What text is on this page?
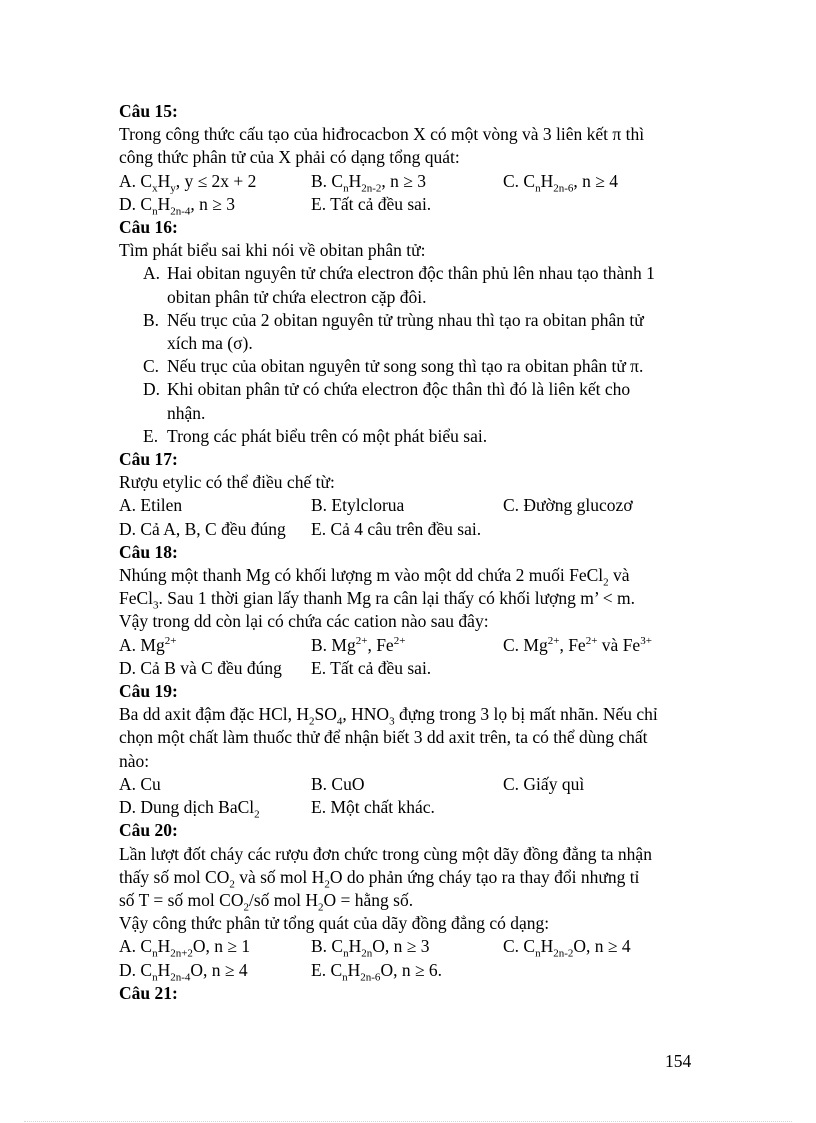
Câu 15:
Trong công thức cấu tạo của hiđrocacbon X có một vòng và 3 liên kết π thì
công thức phân tử của X phải có dạng tổng quát:
A. $C_xH_y$, y ≤ 2x + 2	B. $C_nH_{2n-2}$, n ≥ 3	C. $C_nH_{2n-6}$, n ≥ 4
D. $C_nH_{2n-4}$, n ≥ 3	E. Tất cả đều sai.
Câu 16:
Tìm phát biểu sai khi nói về obitan phân tử:
A. Hai obitan nguyên tử chứa electron độc thân phủ lên nhau tạo thành 1
obitan phân tử chứa electron cặp đôi.
B. Nếu trục của 2 obitan nguyên tử trùng nhau thì tạo ra obitan phân tử
xích ma (σ).
C. Nếu trục của obitan nguyên tử song song thì tạo ra obitan phân tử π.
D. Khi obitan phân tử có chứa electron độc thân thì đó là liên kết cho
nhận.
E. Trong các phát biểu trên có một phát biểu sai.
Câu 17:
Rượu etylic có thể điều chế từ:
A. Etilen	B. Etylclorua	C. Đường glucozơ
D. Cả A, B, C đều đúng	E. Cả 4 câu trên đều sai.
Câu 18:
Nhúng một thanh Mg có khối lượng m vào một dd chứa 2 muối FeCl$_2$ và
FeCl$_3$. Sau 1 thời gian lấy thanh Mg ra cân lại thấy có khối lượng m’ < m.
Vậy trong dd còn lại có chứa các cation nào sau đây:
A. $Mg^{2+}$	B. $Mg^{2+}$, $Fe^{2+}$	C. $Mg^{2+}$, $Fe^{2+}$ và $Fe^{3+}$
D. Cả B và C đều đúng	E. Tất cả đều sai.
Câu 19:
Ba dd axit đậm đặc HCl, $H_2SO_4$, $HNO_3$ đựng trong 3 lọ bị mất nhãn. Nếu chỉ
chọn một chất làm thuốc thử để nhận biết 3 dd axit trên, ta có thể dùng chất
nào:
A. Cu	B. CuO	C. Giấy quì
D. Dung dịch BaCl$_2$	E. Một chất khác.
Câu 20:
Lần lượt đốt cháy các rượu đơn chức trong cùng một dãy đồng đẳng ta nhận
thấy số mol $CO_2$ và số mol $H_2O$ do phản ứng cháy tạo ra thay đổi nhưng tỉ
số T = số mol $CO_2/số$ mol $H_2O$ = hằng số.
Vậy công thức phân tử tổng quát của dãy đồng đẳng có dạng:
A. $C_nH_{2n+2}O$, n ≥ 1	B. $C_nH_{2n}O$, n ≥ 3	C. $C_nH_{2n-2}O$, n ≥ 4
D. $C_nH_{2n-4}O$, n ≥ 4	E. $C_nH_{2n-6}O$, n ≥ 6.
Câu 21:
154
